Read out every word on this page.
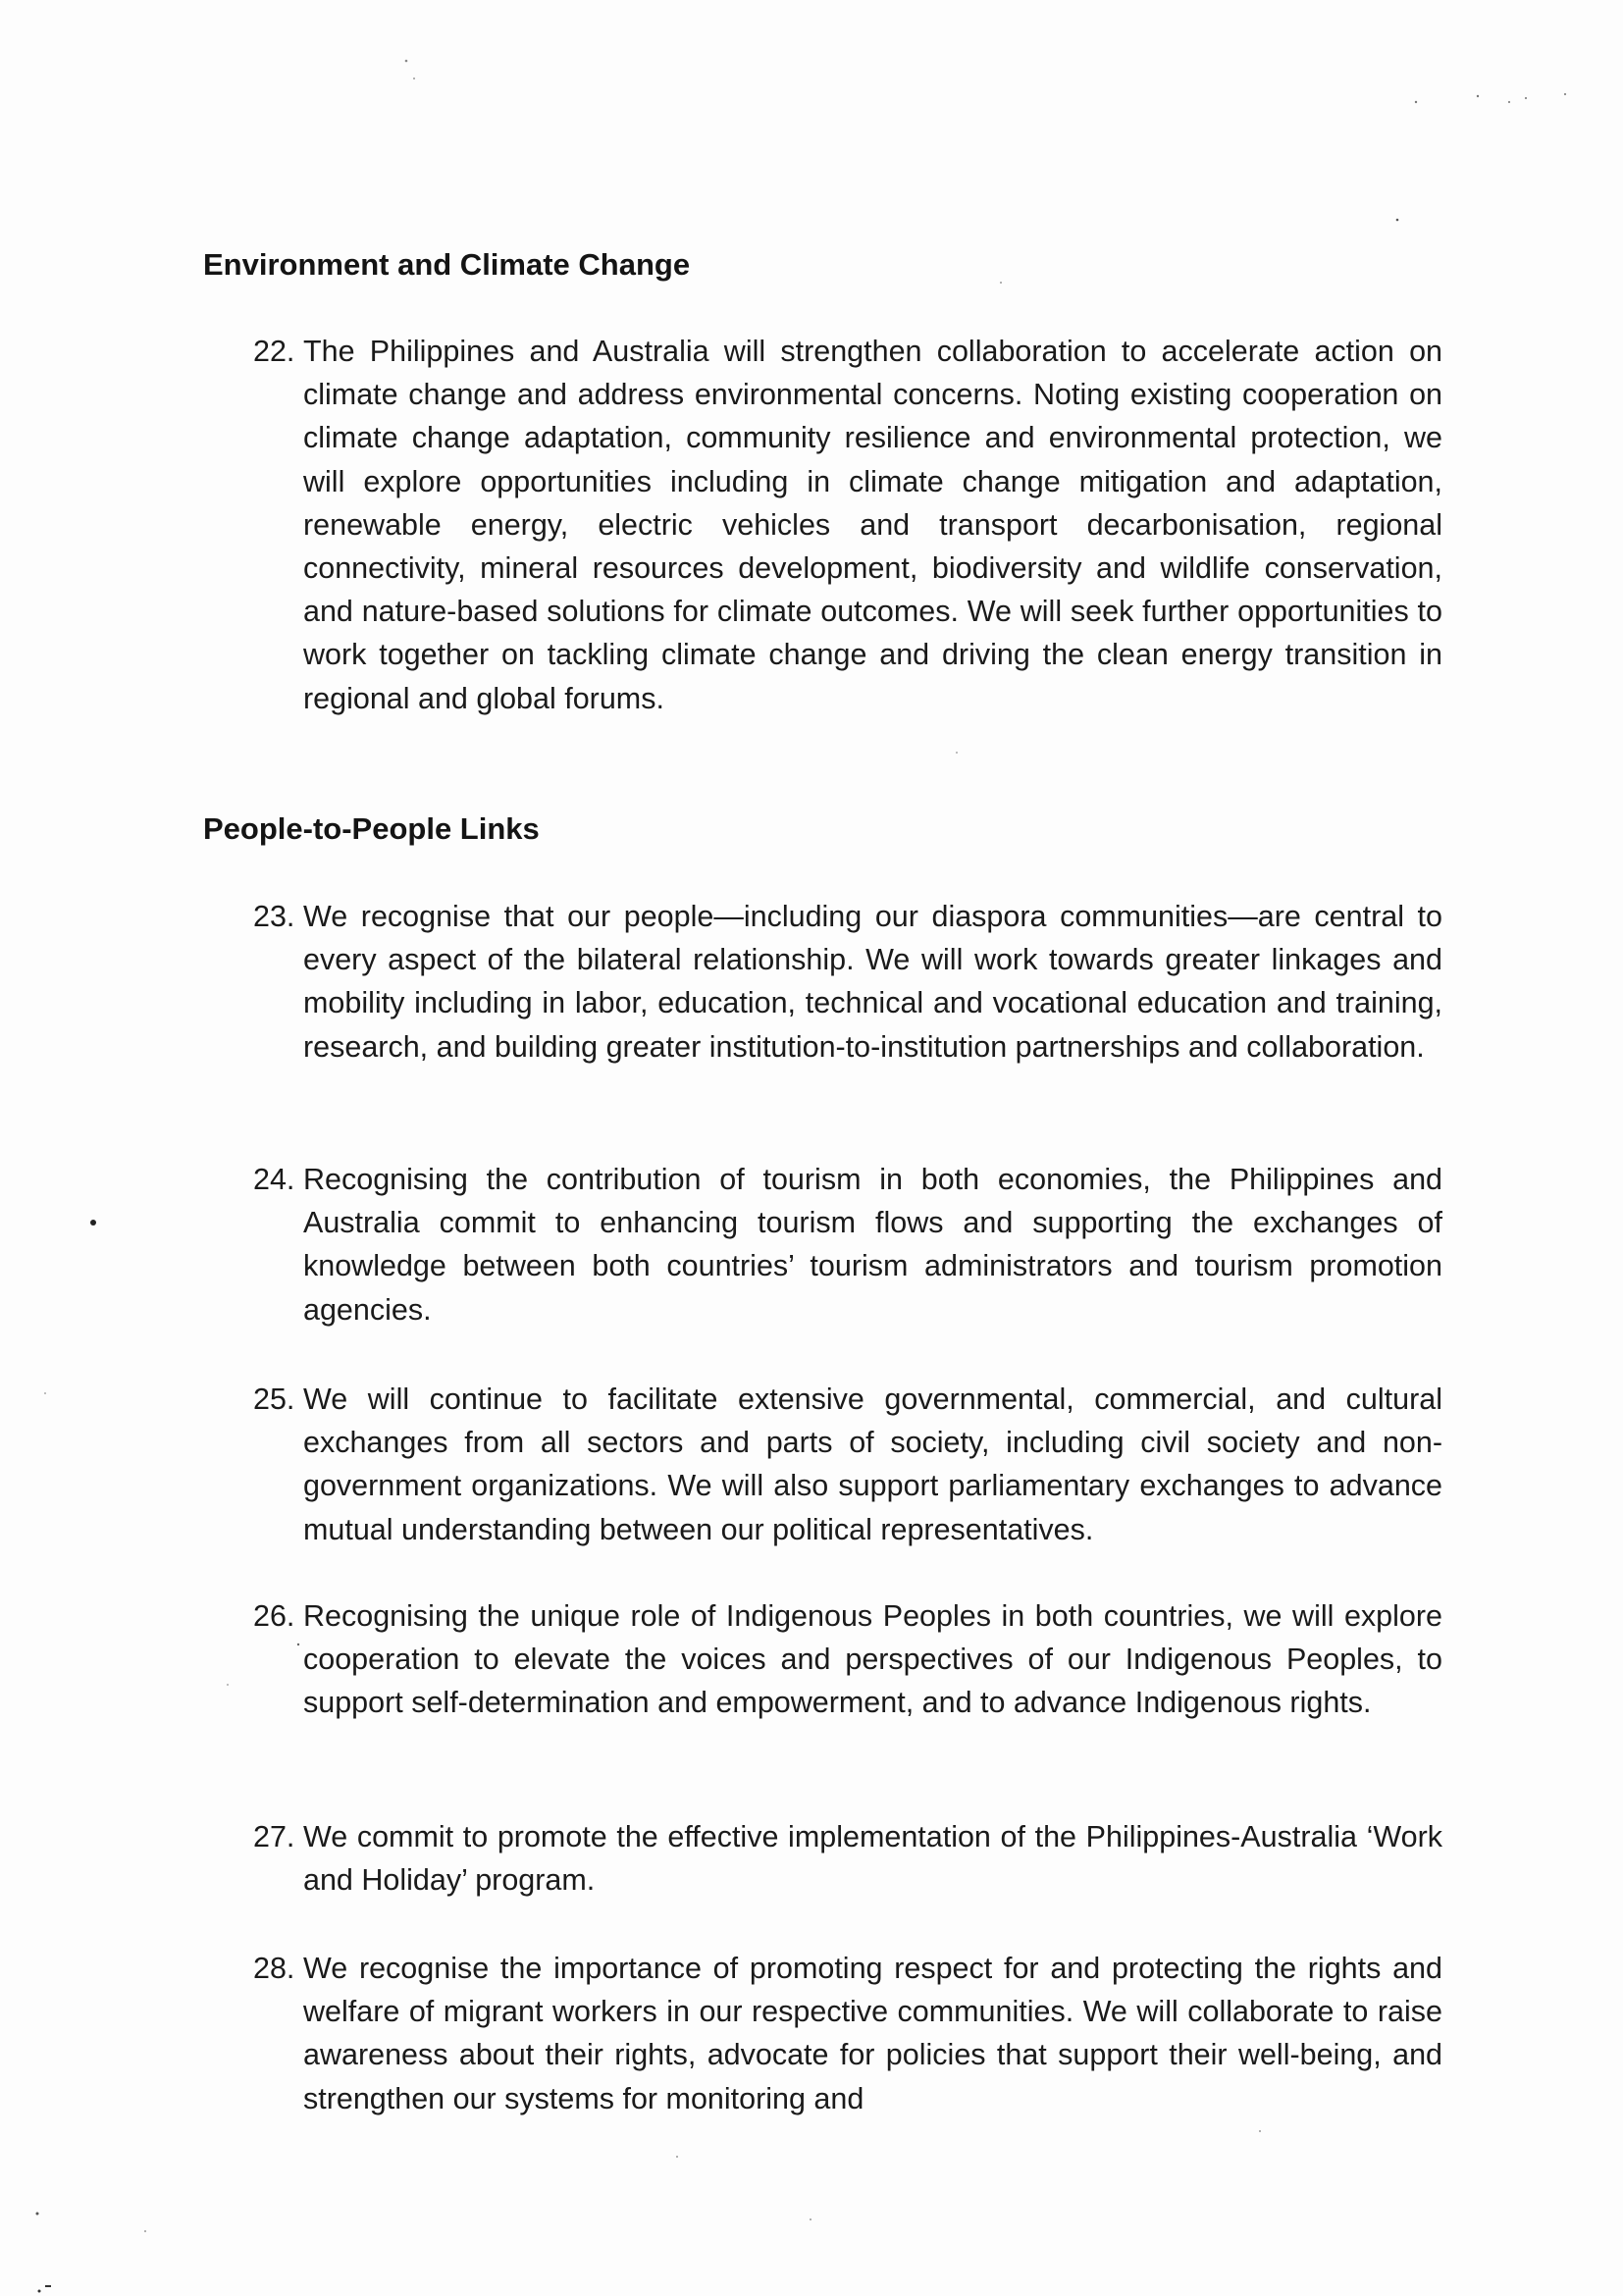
Environment and Climate Change
22. The Philippines and Australia will strengthen collaboration to accelerate action on climate change and address environmental concerns. Noting existing cooperation on climate change adaptation, community resilience and environmental protection, we will explore opportunities including in climate change mitigation and adaptation, renewable energy, electric vehicles and transport decarbonisation, regional connectivity, mineral resources development, biodiversity and wildlife conservation, and nature-based solutions for climate outcomes. We will seek further opportunities to work together on tackling climate change and driving the clean energy transition in regional and global forums.
People-to-People Links
23. We recognise that our people—including our diaspora communities—are central to every aspect of the bilateral relationship. We will work towards greater linkages and mobility including in labor, education, technical and vocational education and training, research, and building greater institution-to-institution partnerships and collaboration.
24. Recognising the contribution of tourism in both economies, the Philippines and Australia commit to enhancing tourism flows and supporting the exchanges of knowledge between both countries’ tourism administrators and tourism promotion agencies.
25. We will continue to facilitate extensive governmental, commercial, and cultural exchanges from all sectors and parts of society, including civil society and non-government organizations. We will also support parliamentary exchanges to advance mutual understanding between our political representatives.
26. Recognising the unique role of Indigenous Peoples in both countries, we will explore cooperation to elevate the voices and perspectives of our Indigenous Peoples, to support self-determination and empowerment, and to advance Indigenous rights.
27. We commit to promote the effective implementation of the Philippines-Australia ‘Work and Holiday’ program.
28. We recognise the importance of promoting respect for and protecting the rights and welfare of migrant workers in our respective communities. We will collaborate to raise awareness about their rights, advocate for policies that support their well-being, and strengthen our systems for monitoring and
